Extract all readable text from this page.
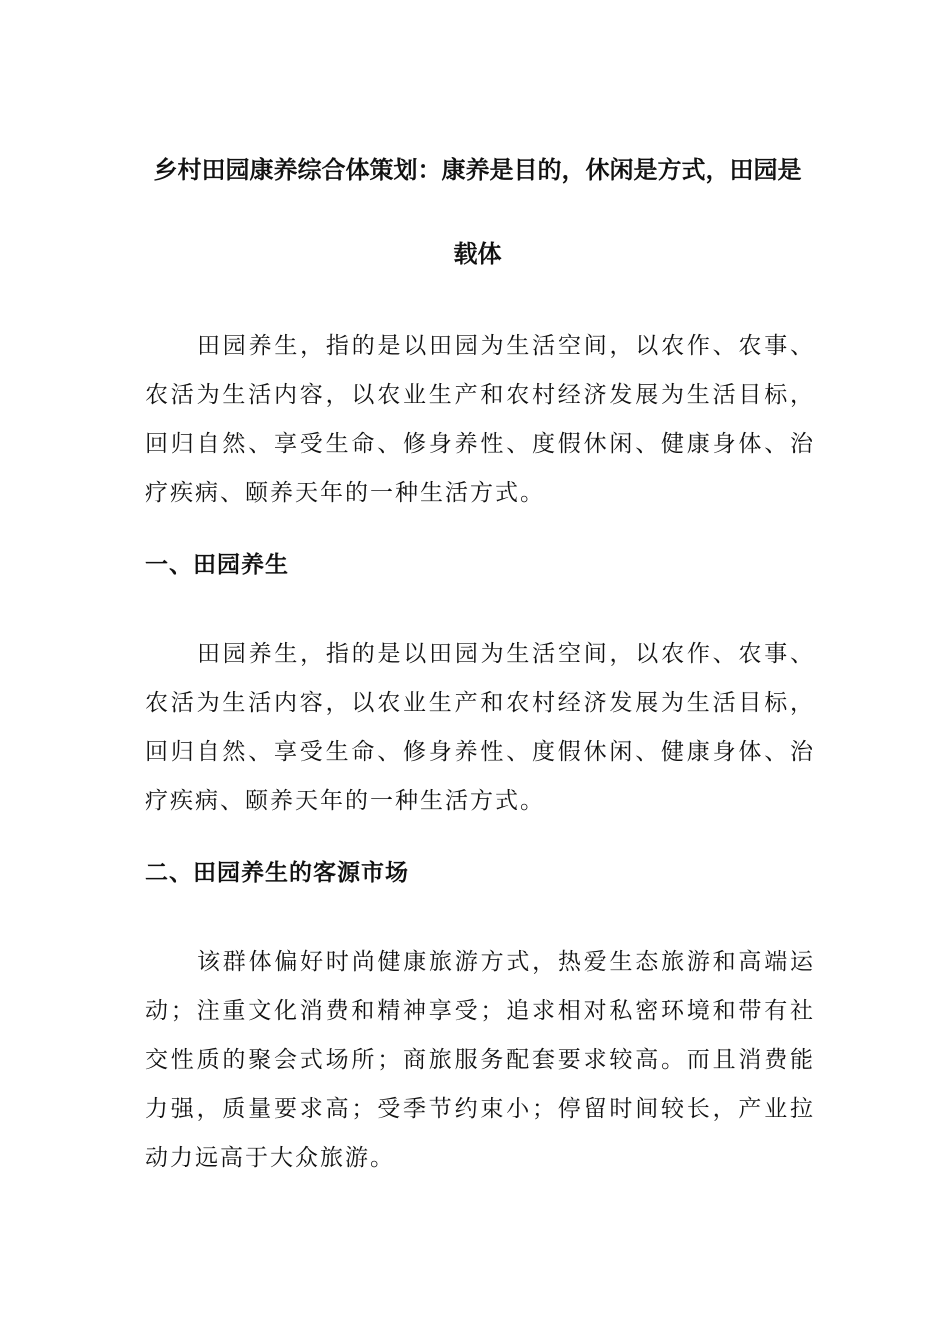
乡村田园康养综合体策划：康养是目的，休闲是方式，田园是
载体

田园养生，指的是以田园为生活空间，以农作、农事、农活为生活内容，以农业生产和农村经济发展为生活目标，回归自然、享受生命、修身养性、度假休闲、健康身体、治疗疾病、颐养天年的一种生活方式。

一、田园养生

田园养生，指的是以田园为生活空间，以农作、农事、农活为生活内容，以农业生产和农村经济发展为生活目标，回归自然、享受生命、修身养性、度假休闲、健康身体、治疗疾病、颐养天年的一种生活方式。

二、田园养生的客源市场

该群体偏好时尚健康旅游方式，热爱生态旅游和高端运动；注重文化消费和精神享受；追求相对私密环境和带有社交性质的聚会式场所；商旅服务配套要求较高。而且消费能力强，质量要求高；受季节约束小；停留时间较长，产业拉动力远高于大众旅游。
